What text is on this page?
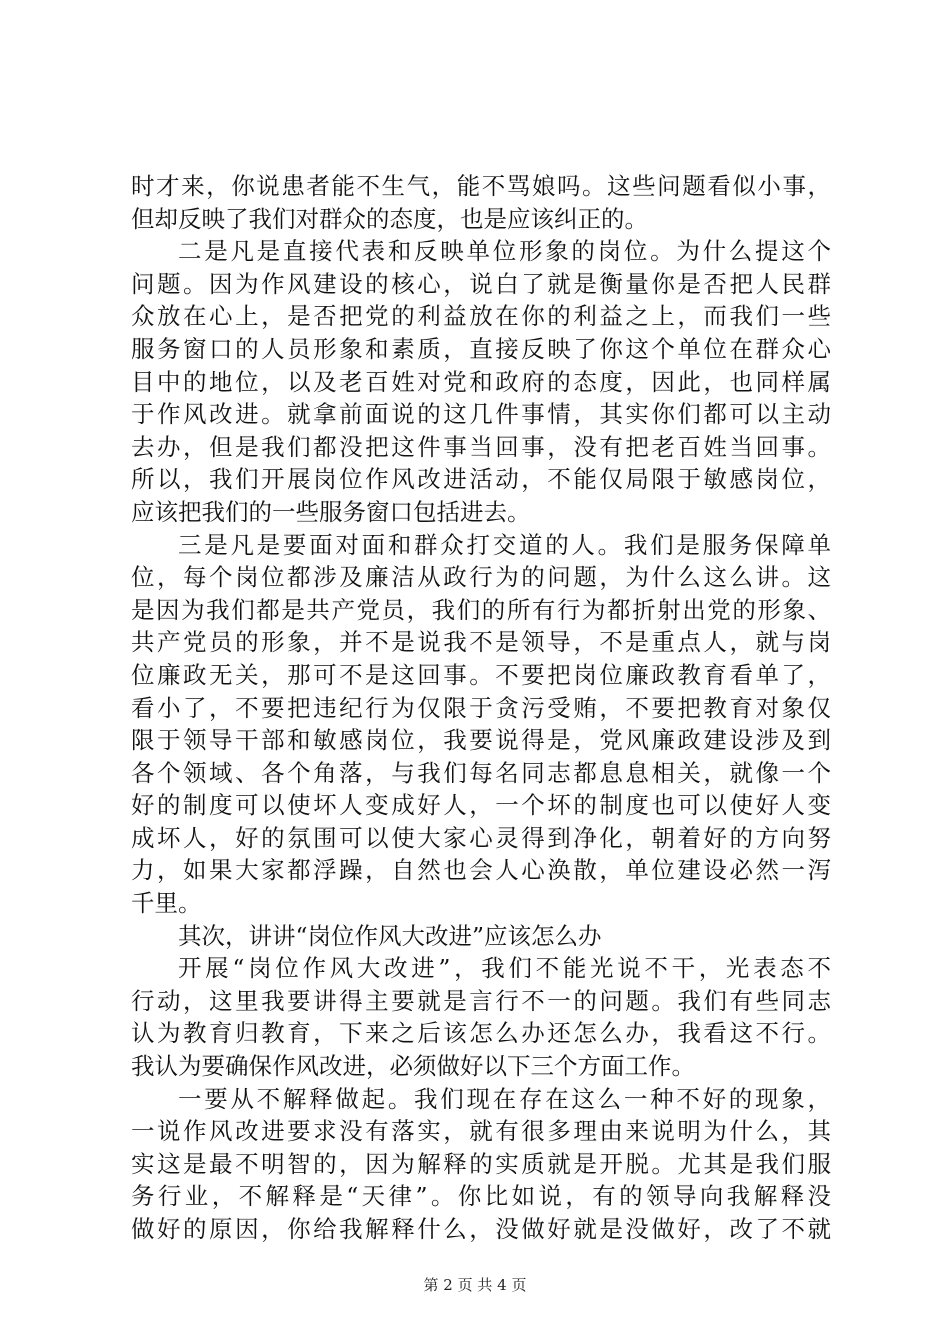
时才来，你说患者能不生气，能不骂娘吗。这些问题看似小事，
但却反映了我们对群众的态度，也是应该纠正的。
二是凡是直接代表和反映单位形象的岗位。为什么提这个
问题。因为作风建设的核心，说白了就是衡量你是否把人民群
众放在心上，是否把党的利益放在你的利益之上，而我们一些
服务窗口的人员形象和素质，直接反映了你这个单位在群众心
目中的地位，以及老百姓对党和政府的态度，因此，也同样属
于作风改进。就拿前面说的这几件事情，其实你们都可以主动
去办，但是我们都没把这件事当回事，没有把老百姓当回事。
所以，我们开展岗位作风改进活动，不能仅局限于敏感岗位，
应该把我们的一些服务窗口包括进去。
三是凡是要面对面和群众打交道的人。我们是服务保障单
位，每个岗位都涉及廉洁从政行为的问题，为什么这么讲。这
是因为我们都是共产党员，我们的所有行为都折射出党的形象、
共产党员的形象，并不是说我不是领导，不是重点人，就与岗
位廉政无关，那可不是这回事。不要把岗位廉政教育看单了，
看小了，不要把违纪行为仅限于贪污受贿，不要把教育对象仅
限于领导干部和敏感岗位，我要说得是，党风廉政建设涉及到
各个领域、各个角落，与我们每名同志都息息相关，就像一个
好的制度可以使坏人变成好人，一个坏的制度也可以使好人变
成坏人，好的氛围可以使大家心灵得到净化，朝着好的方向努
力，如果大家都浮躁，自然也会人心涣散，单位建设必然一泻
千里。
其次，讲讲“岗位作风大改进”应该怎么办
开展“岗位作风大改进”，我们不能光说不干，光表态不
行动，这里我要讲得主要就是言行不一的问题。我们有些同志
认为教育归教育，下来之后该怎么办还怎么办，我看这不行。
我认为要确保作风改进，必须做好以下三个方面工作。
一要从不解释做起。我们现在存在这么一种不好的现象，
一说作风改进要求没有落实，就有很多理由来说明为什么，其
实这是最不明智的，因为解释的实质就是开脱。尤其是我们服
务行业，不解释是“天律”。你比如说，有的领导向我解释没
做好的原因，你给我解释什么，没做好就是没做好，改了不就
第 2 页 共 4 页
